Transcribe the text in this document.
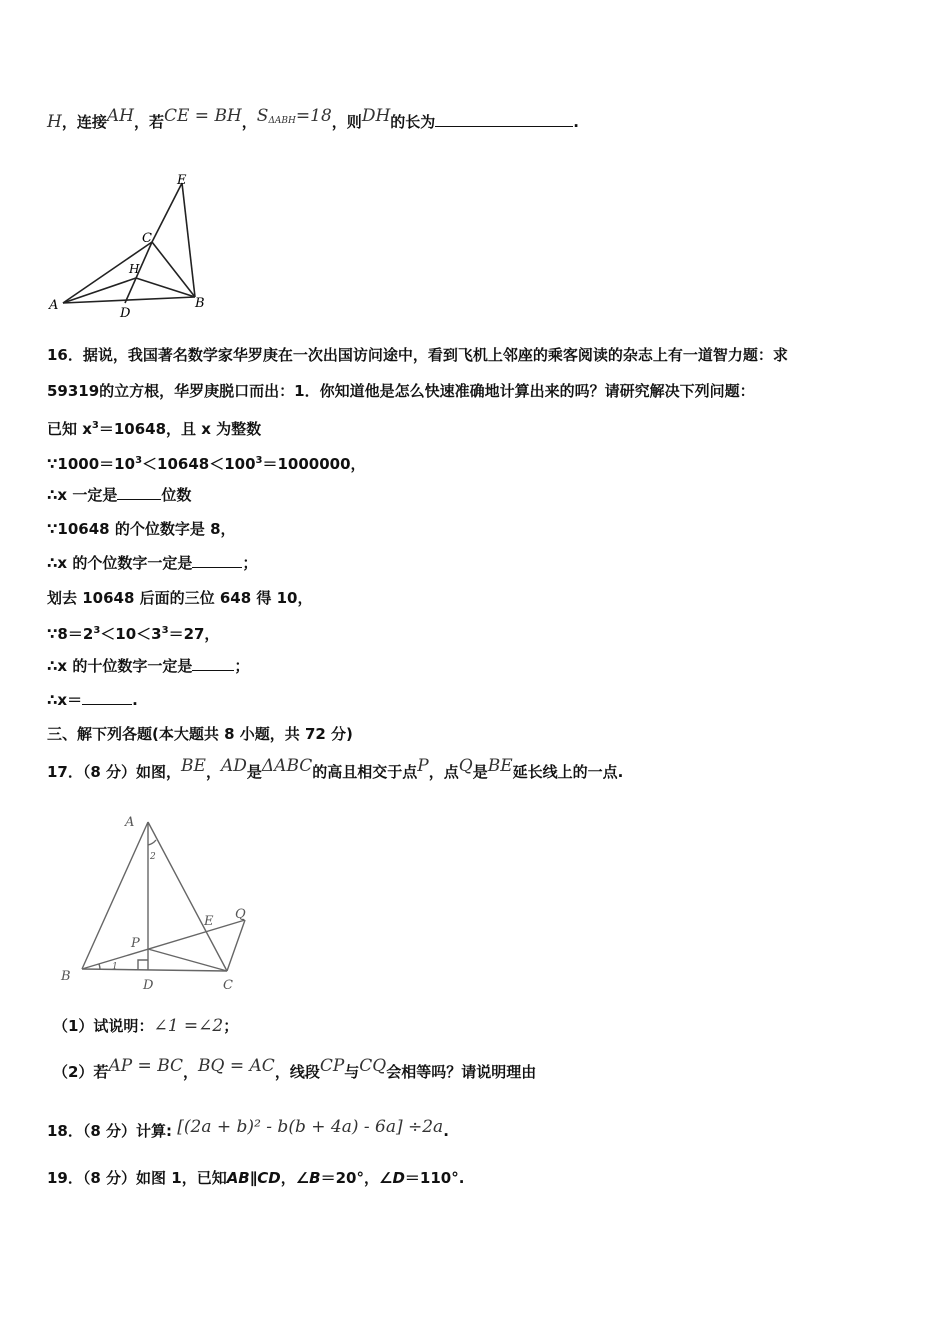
H，连接AH，若CE = BH，$S^{\Delta ABH}=18$，则DH的长为	.
E
C
H
A
D
B
16．据说，我国著名数学家华罗庚在一次出国访问途中，看到飞机上邻座的乘客阅读的杂志上有一道智力题：求
59319的立方根，华罗庚脱口而出：1．你知道他是怎么快速准确地计算出来的吗？请研究解决下列问题：
已知 $x^3=10648$，且 x 为整数
$\because 1000=10^3<10648<100^3=1000000$，
∴x 一定是	位数
∵10648 的个位数字是 8，
∴x 的个位数字一定是	；
划去 10648 后面的三位 648 得 10，
$\because 8=2^3<10<3^3=27$，
∴x 的十位数字一定是	；
∴x＝	.
三、解下列各题(本大题共 8 小题，共 72 分)
17．（8 分）如图，BE，AD是ΔABC的高且相交于点P，点Q是BE延长线上的一点.
A
2
E Q
P
1
B
D	C
（1）试说明：∠1 =∠2；
（2）若AP = BC，BQ = AC，线段CP与CQ会相等吗？请说明理由
18．（8 分）计算: [(2a + b)² - b(b + 4a) - 6a] ÷2a.
19．（8 分）如图 1，已知AB∥CD，∠B＝20°，∠D＝110°.
